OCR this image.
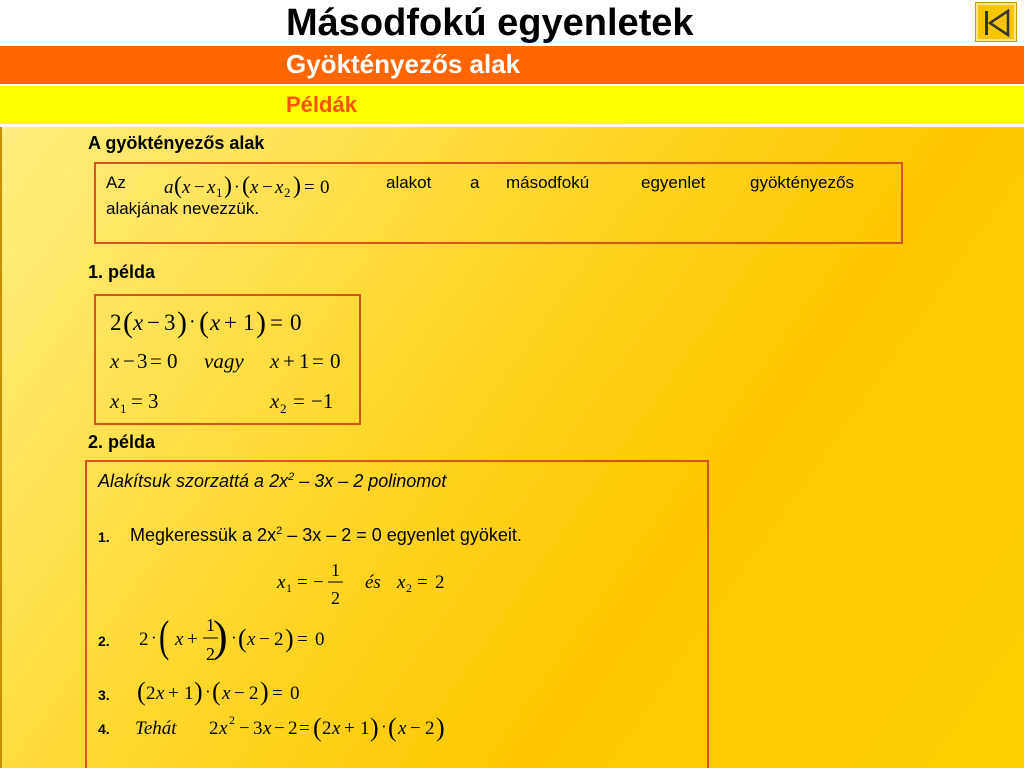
Másodfokú egyenletek
Gyöktényezős alak
Példák
A gyöktényezős alak
Az a ( x − x 1 ) · ( x − x 2 ) = 0	alakot a másodfokú	egyenlet	gyöktényezős
alakjának nevezzük.
1. példa
2 ( x − 3 ) · ( x + 1 ) = 0
x − 3 = 0 vagy x + 1 = 0
x 1 = 3	x 2 = −1
2. példa
Alakítsuk szorzattá a $2x^2 - 3x - 2$ polinomot
1. Megkeressük a $2x^2 - 3x - 2 = 0$ egyenlet gyökeit.
x 1 = −
1
2
és x 2 = 2
2. 2 · ( x +
1
2
) · ( x − 2 ) = 0
3. ( 2 x + 1 ) · ( x − 2 ) = 0
4. Tehát 2 x 2 − 3 x − 2 = ( 2 x + 1 ) · ( x − 2 )
